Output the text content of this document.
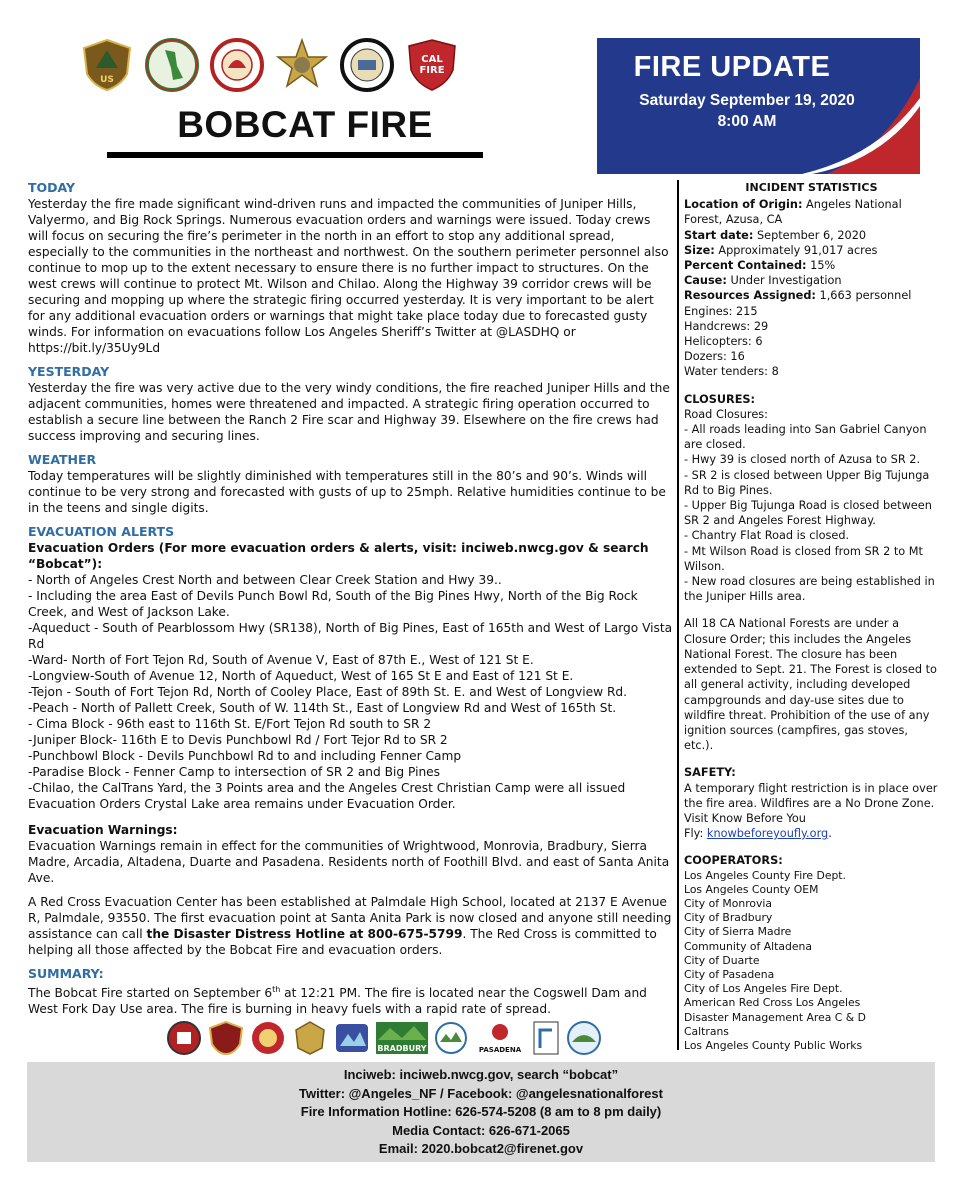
US
CAL
FIRE
BOBCAT FIRE
FIRE UPDATE
Saturday September 19, 2020
8:00 AM

TODAY

Yesterday the fire made significant wind-driven runs and impacted the communities of Juniper Hills, Valyermo, and Big Rock Springs. Numerous evacuation orders and warnings were issued. Today crews will focus on securing the fire’s perimeter in the north in an effort to stop any additional spread, especially to the communities in the northeast and northwest. On the southern perimeter personnel also continue to mop up to the extent necessary to ensure there is no further impact to structures. On the west crews will continue to protect Mt. Wilson and Chilao. Along the Highway 39 corridor crews will be securing and mopping up where the strategic firing occurred yesterday. It is very important to be alert for any additional evacuation orders or warnings that might take place today due to forecasted gusty winds. For information on evacuations follow Los Angeles Sheriff’s Twitter at @LASDHQ or https://bit.ly/35Uy9Ld

YESTERDAY

Yesterday the fire was very active due to the very windy conditions, the fire reached Juniper Hills and the adjacent communities, homes were threatened and impacted. A strategic firing operation occurred to establish a secure line between the Ranch 2 Fire scar and Highway 39. Elsewhere on the fire crews had success improving and securing lines.

WEATHER

Today temperatures will be slightly diminished with temperatures still in the 80’s and 90’s. Winds will continue to be very strong and forecasted with gusts of up to 25mph. Relative humidities continue to be in the teens and single digits.

EVACUATION ALERTS

Evacuation Orders (For more evacuation orders & alerts, visit: inciweb.nwcg.gov & search “Bobcat”):

- North of Angeles Crest North and between Clear Creek Station and Hwy 39..

- Including the area East of Devils Punch Bowl Rd, South of the Big Pines Hwy, North of the Big Rock Creek, and West of Jackson Lake.

-Aqueduct - South of Pearblossom Hwy (SR138), North of Big Pines, East of 165th and West of Largo Vista Rd

-Ward- North of Fort Tejon Rd, South of Avenue V, East of 87th E., West of 121 St E.

-Longview-South of Avenue 12, North of Aqueduct, West of 165 St E and East of 121 St E.

-Tejon - South of Fort Tejon Rd, North of Cooley Place, East of 89th St. E. and West of Longview Rd.

-Peach - North of Pallett Creek, South of W. 114th St., East of Longview Rd and West of 165th St.

- Cima Block - 96th east to 116th St. E/Fort Tejon Rd south to SR 2

-Juniper Block- 116th E to Devis Punchbowl Rd / Fort Tejor Rd to SR 2

-Punchbowl Block - Devils Punchbowl Rd to and including Fenner Camp

-Paradise Block - Fenner Camp to intersection of SR 2 and Big Pines

-Chilao, the CalTrans Yard, the 3 Points area and the Angeles Crest Christian Camp were all issued Evacuation Orders Crystal Lake area remains under Evacuation Order.

Evacuation Warnings:

Evacuation Warnings remain in effect for the communities of Wrightwood, Monrovia, Bradbury, Sierra Madre, Arcadia, Altadena, Duarte and Pasadena. Residents north of Foothill Blvd. and east of Santa Anita Ave.

A Red Cross Evacuation Center has been established at Palmdale High School, located at 2137 E Avenue R, Palmdale, 93550. The first evacuation point at Santa Anita Park is now closed and anyone still needing assistance can call the Disaster Distress Hotline at 800-675-5799. The Red Cross is committed to helping all those affected by the Bobcat Fire and evacuation orders.

SUMMARY:

The Bobcat Fire started on September 6th at 12:21 PM. The fire is located near the Cogswell Dam and West Fork Day Use area. The fire is burning in heavy fuels with a rapid rate of spread.

INCIDENT STATISTICS

Location of Origin: Angeles National Forest, Azusa, CA

Start date: September 6, 2020

Size: Approximately 91,017 acres

Percent Contained: 15%

Cause: Under Investigation

Resources Assigned: 1,663 personnel

Engines: 215

Handcrews: 29

Helicopters: 6

Dozers: 16

Water tenders: 8

CLOSURES:

Road Closures:

- All roads leading into San Gabriel Canyon are closed.

- Hwy 39 is closed north of Azusa to SR 2.

- SR 2 is closed between Upper Big Tujunga Rd to Big Pines.

- Upper Big Tujunga Road is closed between SR 2 and Angeles Forest Highway.

- Chantry Flat Road is closed.

- Mt Wilson Road is closed from SR 2 to Mt Wilson.

- New road closures are being established in the Juniper Hills area.

All 18 CA National Forests are under a Closure Order; this includes the Angeles National Forest. The closure has been extended to Sept. 21. The Forest is closed to all general activity, including developed campgrounds and day-use sites due to wildfire threat. Prohibition of the use of any ignition sources (campfires, gas stoves, etc.).

SAFETY:

A temporary flight restriction is in place over the fire area. Wildfires are a No Drone Zone. Visit Know Before You
Fly: knowbeforeyoufly.org.

COOPERATORS:

Los Angeles County Fire Dept.

Los Angeles County OEM

City of Monrovia

City of Bradbury

City of Sierra Madre

Community of Altadena

City of Duarte

City of Pasadena

City of Los Angeles Fire Dept.

American Red Cross Los Angeles

Disaster Management Area C & D

Caltrans

Los Angeles County Public Works

BRADBURY	PASADENA
Inciweb: inciweb.nwcg.gov, search “bobcat”
Twitter: @Angeles_NF / Facebook: @angelesnationalforest
Fire Information Hotline: 626-574-5208 (8 am to 8 pm daily)
Media Contact: 626-671-2065
Email: 2020.bobcat2@firenet.gov
